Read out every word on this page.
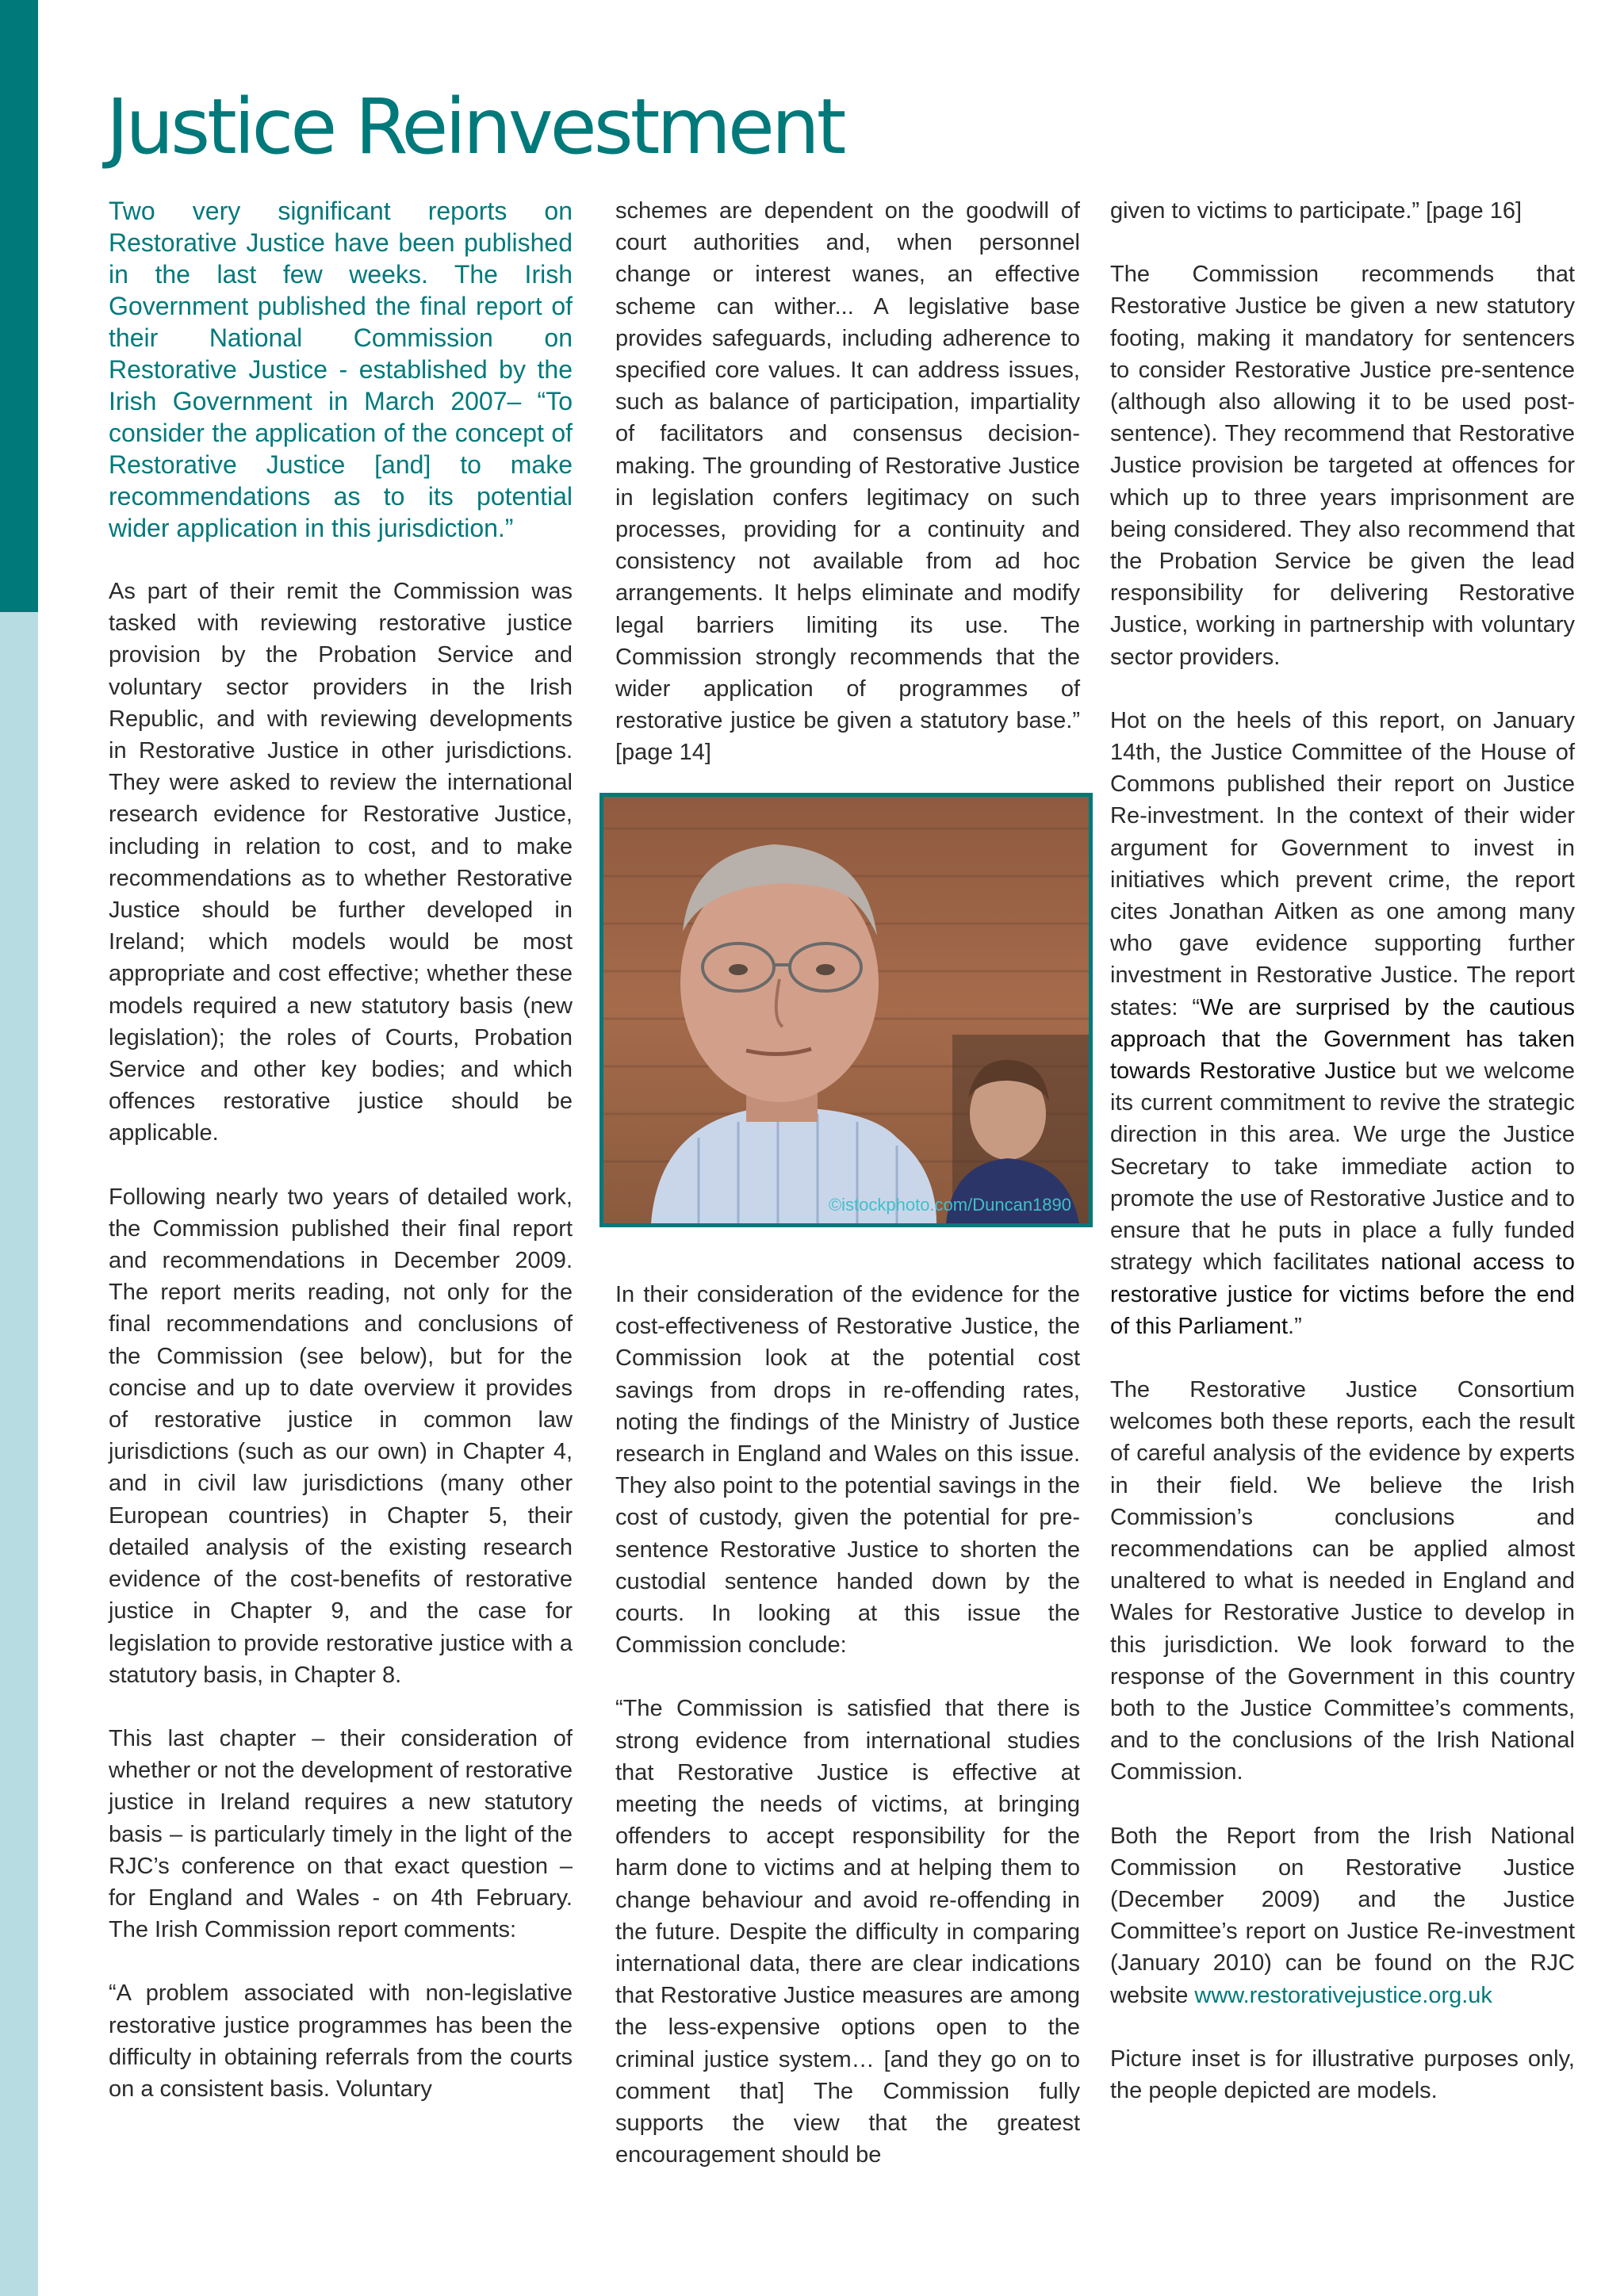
Justice Reinvestment

Two very significant reports on Restorative Justice have been published in the last few weeks. The Irish Government published the final report of their National Commission on Restorative Justice - established by the Irish Government in March 2007– “To consider the application of the concept of Restorative Justice [and] to make recommendations as to its potential wider application in this jurisdiction.”

As part of their remit the Commission was tasked with reviewing restorative justice provision by the Probation Service and voluntary sector providers in the Irish Republic, and with reviewing developments in Restorative Justice in other jurisdictions. They were asked to review the international research evidence for Restorative Justice, including in relation to cost, and to make recommendations as to whether Restorative Justice should be further developed in Ireland; which models would be most appropriate and cost effective; whether these models required a new statutory basis (new legislation); the roles of Courts, Probation Service and other key bodies; and which offences restorative justice should be applicable.

Following nearly two years of detailed work, the Commission published their final report and recommendations in December 2009. The report merits reading, not only for the final recommendations and conclusions of the Commission (see below), but for the concise and up to date overview it provides of restorative justice in common law jurisdictions (such as our own) in Chapter 4, and in civil law jurisdictions (many other European countries) in Chapter 5, their detailed analysis of the existing research evidence of the cost-benefits of restorative justice in Chapter 9, and the case for legislation to provide restorative justice with a statutory basis, in Chapter 8.

This last chapter – their consideration of whether or not the development of restorative justice in Ireland requires a new statutory basis – is particularly timely in the light of the RJC’s conference on that exact question – for England and Wales - on 4th February. The Irish Commission report comments:

“A problem associated with non-legislative restorative justice programmes has been the difficulty in obtaining referrals from the courts on a consistent basis. Voluntary

schemes are dependent on the goodwill of court authorities and, when personnel change or interest wanes, an effective scheme can wither... A legislative base provides safeguards, including adherence to specified core values. It can address issues, such as balance of participation, impartiality of facilitators and consensus decision-making. The grounding of Restorative Justice in legislation confers legitimacy on such processes, providing for a continuity and consistency not available from ad hoc arrangements. It helps eliminate and modify legal barriers limiting its use. The Commission strongly recommends that the wider application of programmes of restorative justice be given a statutory base.” [page 14]

©istockphoto.com/Duncan1890

In their consideration of the evidence for the cost-effectiveness of Restorative Justice, the Commission look at the potential cost savings from drops in re-offending rates, noting the findings of the Ministry of Justice research in England and Wales on this issue. They also point to the potential savings in the cost of custody, given the potential for pre-sentence Restorative Justice to shorten the custodial sentence handed down by the courts. In looking at this issue the Commission conclude:

“The Commission is satisfied that there is strong evidence from international studies that Restorative Justice is effective at meeting the needs of victims, at bringing offenders to accept responsibility for the harm done to victims and at helping them to change behaviour and avoid re-offending in the future. Despite the difficulty in comparing international data, there are clear indications that Restorative Justice measures are among the less-expensive options open to the criminal justice system… [and they go on to comment that] The Commission fully supports the view that the greatest encouragement should be

given to victims to participate.” [page 16]

The Commission recommends that Restorative Justice be given a new statutory footing, making it mandatory for sentencers to consider Restorative Justice pre-sentence (although also allowing it to be used post-sentence). They recommend that Restorative Justice provision be targeted at offences for which up to three years imprisonment are being considered. They also recommend that the Probation Service be given the lead responsibility for delivering Restorative Justice, working in partnership with voluntary sector providers.

Hot on the heels of this report, on January 14th, the Justice Committee of the House of Commons published their report on Justice Re-investment. In the context of their wider argument for Government to invest in initiatives which prevent crime, the report cites Jonathan Aitken as one among many who gave evidence supporting further investment in Restorative Justice. The report states: “We are surprised by the cautious approach that the Government has taken towards Restorative Justice but we welcome its current commitment to revive the strategic direction in this area. We urge the Justice Secretary to take immediate action to promote the use of Restorative Justice and to ensure that he puts in place a fully funded strategy which facilitates national access to restorative justice for victims before the end of this Parliament.”

The Restorative Justice Consortium welcomes both these reports, each the result of careful analysis of the evidence by experts in their field. We believe the Irish Commission’s conclusions and recommendations can be applied almost unaltered to what is needed in England and Wales for Restorative Justice to develop in this jurisdiction. We look forward to the response of the Government in this country both to the Justice Committee’s comments, and to the conclusions of the Irish National Commission.

Both the Report from the Irish National Commission on Restorative Justice (December 2009) and the Justice Committee’s report on Justice Re-investment (January 2010) can be found on the RJC website www.restorativejustice.org.uk

Picture inset is for illustrative purposes only, the people depicted are models.
